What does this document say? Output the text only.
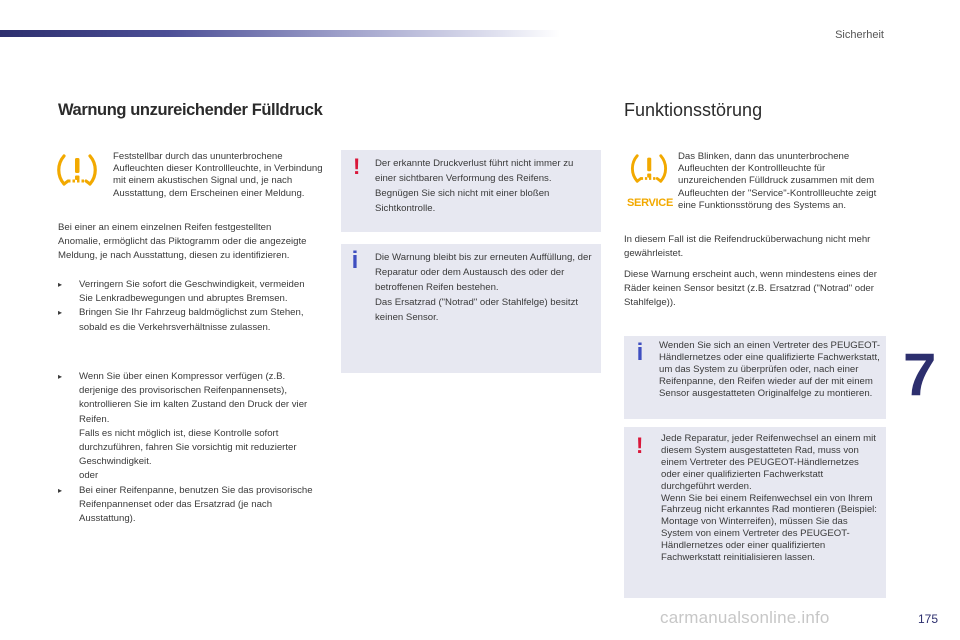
Sicherheit
Warnung unzureichender Fülldruck
Feststellbar durch das ununterbrochene Aufleuchten dieser Kontrollleuchte, in Verbindung mit einem akustischen Signal und, je nach Ausstattung, dem Erscheinen einer Meldung.
Bei einer an einem einzelnen Reifen festgestellten Anomalie, ermöglicht das Piktogramm oder die angezeigte Meldung, je nach Ausstattung, diesen zu identifizieren.
▸ Verringern Sie sofort die Geschwindigkeit, vermeiden Sie Lenkradbewegungen und abruptes Bremsen.
▸ Bringen Sie Ihr Fahrzeug baldmöglichst zum Stehen, sobald es die Verkehrsverhältnisse zulassen.
▸ Wenn Sie über einen Kompressor verfügen (z.B. derjenige des provisorischen Reifenpannensets), kontrollieren Sie im kalten Zustand den Druck der vier Reifen.
Falls es nicht möglich ist, diese Kontrolle sofort durchzuführen, fahren Sie vorsichtig mit reduzierter Geschwindigkeit.
oder
▸ Bei einer Reifenpanne, benutzen Sie das provisorische Reifenpannenset oder das Ersatzrad (je nach Ausstattung).
! Der erkannte Druckverlust führt nicht immer zu einer sichtbaren Verformung des Reifens. Begnügen Sie sich nicht mit einer bloßen Sichtkontrolle.
i Die Warnung bleibt bis zur erneuten Auffüllung, der Reparatur oder dem Austausch des oder der betroffenen Reifen bestehen.
Das Ersatzrad ("Notrad" oder Stahlfelge) besitzt keinen Sensor.
Funktionsstörung
SERVICE
Das Blinken, dann das ununterbrochene Aufleuchten der Kontrollleuchte für unzureichenden Fülldruck zusammen mit dem Aufleuchten der "Service"-Kontrollleuchte zeigt eine Funktionsstörung des Systems an.
In diesem Fall ist die Reifendrucküberwachung nicht mehr gewährleistet.
Diese Warnung erscheint auch, wenn mindestens eines der Räder keinen Sensor besitzt (z.B. Ersatzrad ("Notrad" oder Stahlfelge)).
i Wenden Sie sich an einen Vertreter des PEUGEOT-Händlernetzes oder eine qualifizierte Fachwerkstatt, um das System zu überprüfen oder, nach einer Reifenpanne, den Reifen wieder auf der mit einem Sensor ausgestatteten Originalfelge zu montieren.
! Jede Reparatur, jeder Reifenwechsel an einem mit diesem System ausgestatteten Rad, muss von einem Vertreter des PEUGEOT-Händlernetzes oder einer qualifizierten Fachwerkstatt durchgeführt werden.
Wenn Sie bei einem Reifenwechsel ein von Ihrem Fahrzeug nicht erkanntes Rad montieren (Beispiel: Montage von Winterreifen), müssen Sie das System von einem Vertreter des PEUGEOT-Händlernetzes oder einer qualifizierten Fachwerkstatt reinitialisieren lassen.
7
carmanualsonline.info	175
